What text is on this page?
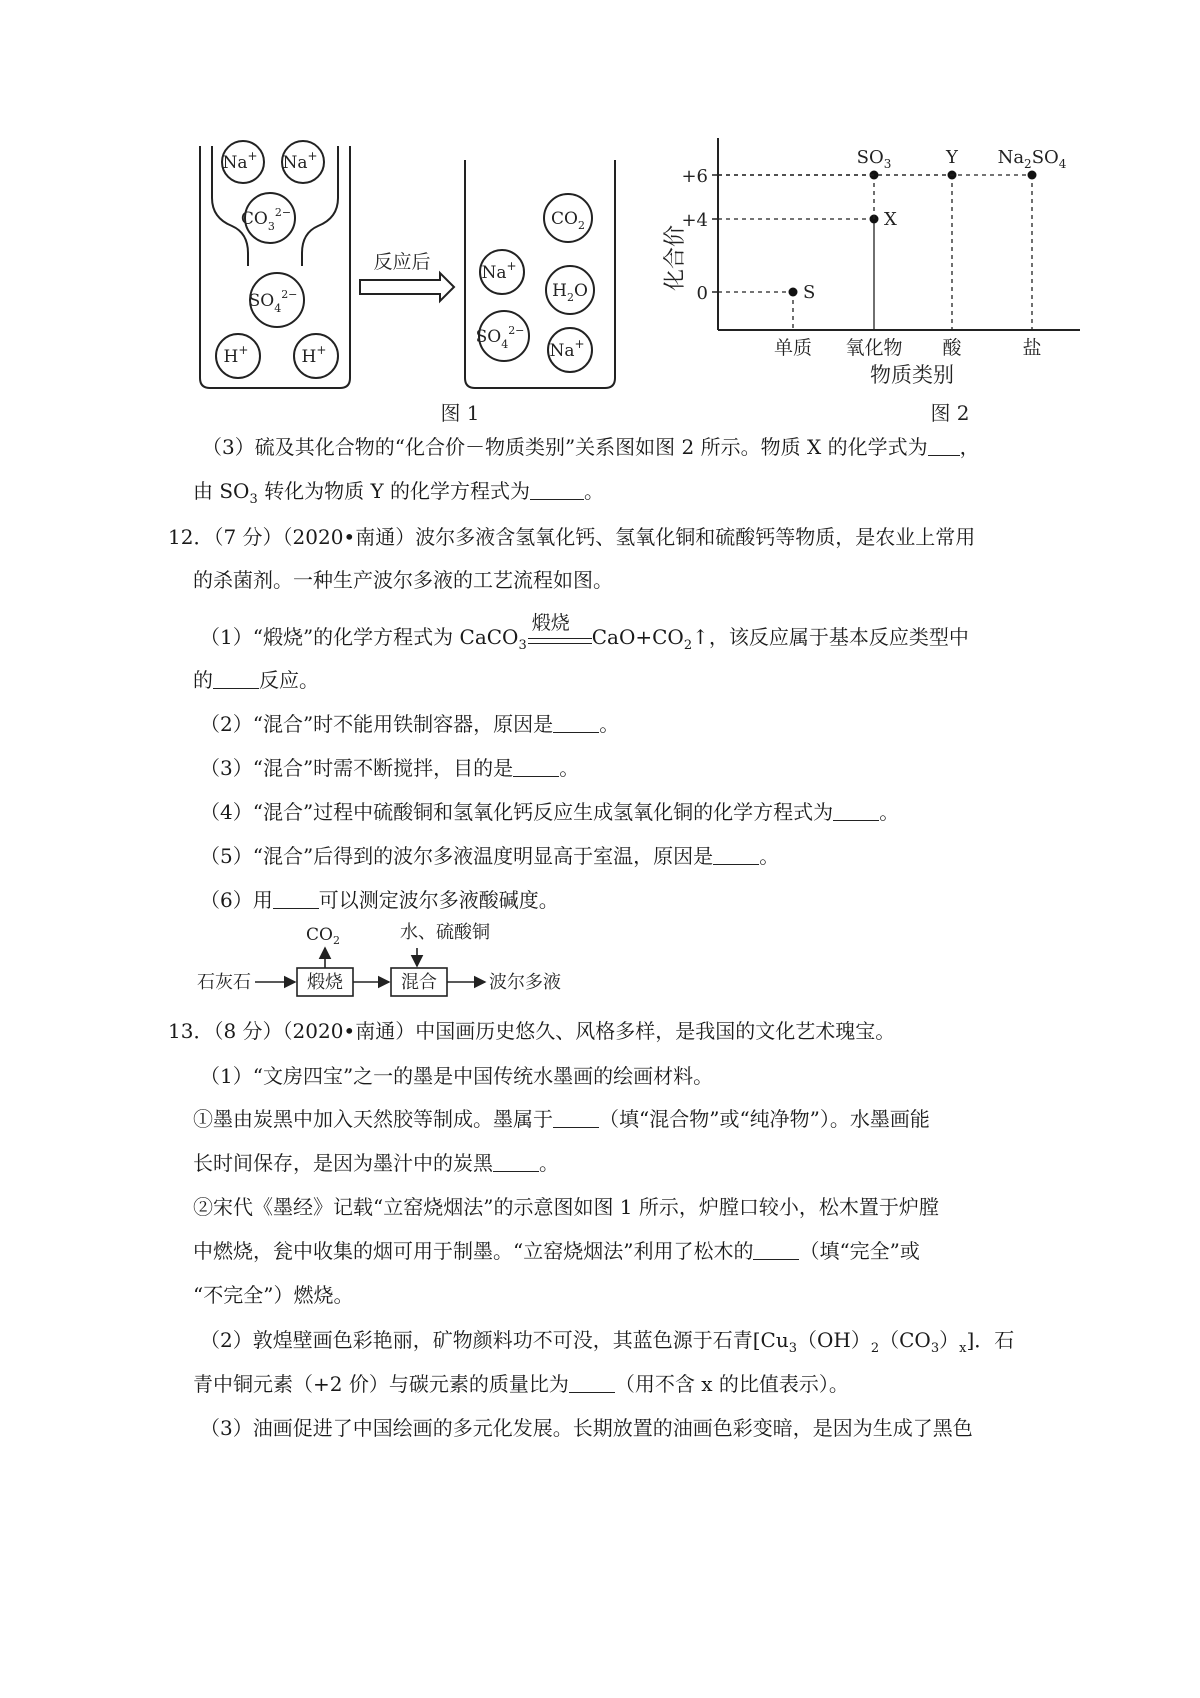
Na+ Na+
$CO_3^{2-}$
$SO_4^{2-}$
H+	H+
$CO_2$
Na+
$H_2O$
$SO_4^{2-}$
Na+
反应后
图 1
+6
+4
0
单质 氧化物 酸	盐
S
X
$SO_3$	Y $Na_2SO_4$
化合价
物质类别
图 2
（3）硫及其化合物的“化合价－物质类别”关系图如图 2 所示。物质 X 的化学式为 ，
由 $SO_3$ 转化为物质 Y 的化学方程式为	。
12．（7 分）（2020•南通）波尔多液含氢氧化钙、氢氧化铜和硫酸钙等物质，是农业上常用
的杀菌剂。一种生产波尔多液的工艺流程如图。
（1）“煅烧”的化学方程式为 CaCO$_3$
煅烧
$CaO+CO_2↑$，该反应属于基本反应类型中
的 反应。
（2）“混合”时不能用铁制容器，原因是 。
（3）“混合”时需不断搅拌，目的是 。
（4）“混合”过程中硫酸铜和氢氧化钙反应生成氢氧化铜的化学方程式为 。
（5）“混合”后得到的波尔多液温度明显高于室温，原因是 。
（6）用 可以测定波尔多液酸碱度。
石灰石	煅烧	混合	波尔多液
水、硫酸铜
$CO_2$
13．（8 分）（2020•南通）中国画历史悠久、风格多样，是我国的文化艺术瑰宝。
（1）“文房四宝”之一的墨是中国传统水墨画的绘画材料。
①墨由炭黑中加入天然胶等制成。墨属于 （填“混合物”或“纯净物”）。水墨画能
长时间保存，是因为墨汁中的炭黑 。
②宋代《墨经》记载“立窑烧烟法”的示意图如图 1 所示，炉膛口较小，松木置于炉膛
中燃烧，瓮中收集的烟可用于制墨。“立窑烧烟法”利用了松木的 （填“完全”或
“不完全”）燃烧。
（2）敦煌壁画色彩艳丽，矿物颜料功不可没，其蓝色源于石青$[Cu_3(OH)_2(CO_3)_x]$．石
青中铜元素（+2 价）与碳元素的质量比为 （用不含 x 的比值表示）。
（3）油画促进了中国绘画的多元化发展。长期放置的油画色彩变暗，是因为生成了黑色
